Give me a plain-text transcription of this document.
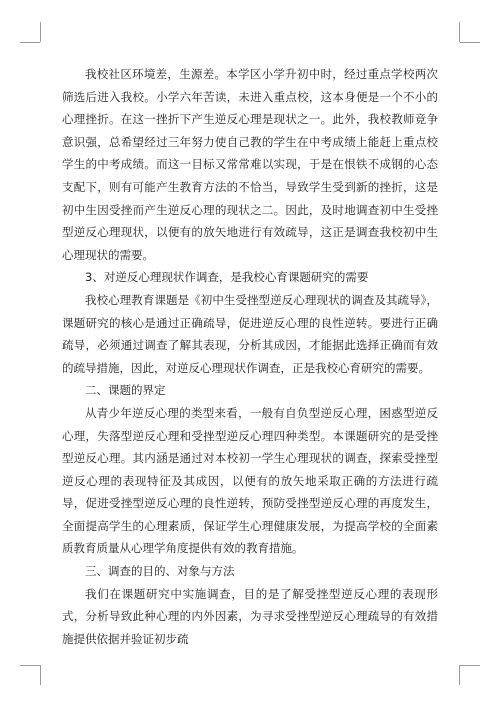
我校社区环境差，生源差。本学区小学升初中时，经过重点学校两次筛选后进入我校。小学六年苦读，未进入重点校，这本身便是一个不小的心理挫折。在这一挫折下产生逆反心理是现状之一。此外，我校教师竞争意识强，总希望经过三年努力使自己教的学生在中考成绩上能赶上重点校学生的中考成绩。而这一目标又常常难以实现，于是在恨铁不成钢的心态支配下，则有可能产生教育方法的不恰当，导致学生受到新的挫折，这是初中生因受挫而产生逆反心理的现状之二。因此，及时地调查初中生受挫型逆反心理现状，以便有的放矢地进行有效疏导，这正是调查我校初中生心理现状的需要。

3、对逆反心理现状作调查，是我校心育课题研究的需要

我校心理教育课题是《初中生受挫型逆反心理现状的调查及其疏导》，课题研究的核心是通过正确疏导，促进逆反心理的良性逆转。要进行正确疏导，必须通过调查了解其表现，分析其成因，才能据此选择正确而有效的疏导措施，因此，对逆反心理现状作调查，正是我校心育研究的需要。

二、课题的界定

从青少年逆反心理的类型来看，一般有自负型逆反心理，困惑型逆反心理，失落型逆反心理和受挫型逆反心理四种类型。本课题研究的是受挫型逆反心理。其内涵是通过对本校初一学生心理现状的调查，探索受挫型逆反心理的表现特征及其成因，以便有的放矢地采取正确的方法进行疏导，促进受挫型逆反心理的良性逆转，预防受挫型逆反心理的再度发生，全面提高学生的心理素质，保证学生心理健康发展，为提高学校的全面素质教育质量从心理学角度提供有效的教育措施。

三、调查的目的、对象与方法

我们在课题研究中实施调查，目的是了解受挫型逆反心理的表现形式，分析导致此种心理的内外因素，为寻求受挫型逆反心理疏导的有效措施提供依据并验证初步疏
